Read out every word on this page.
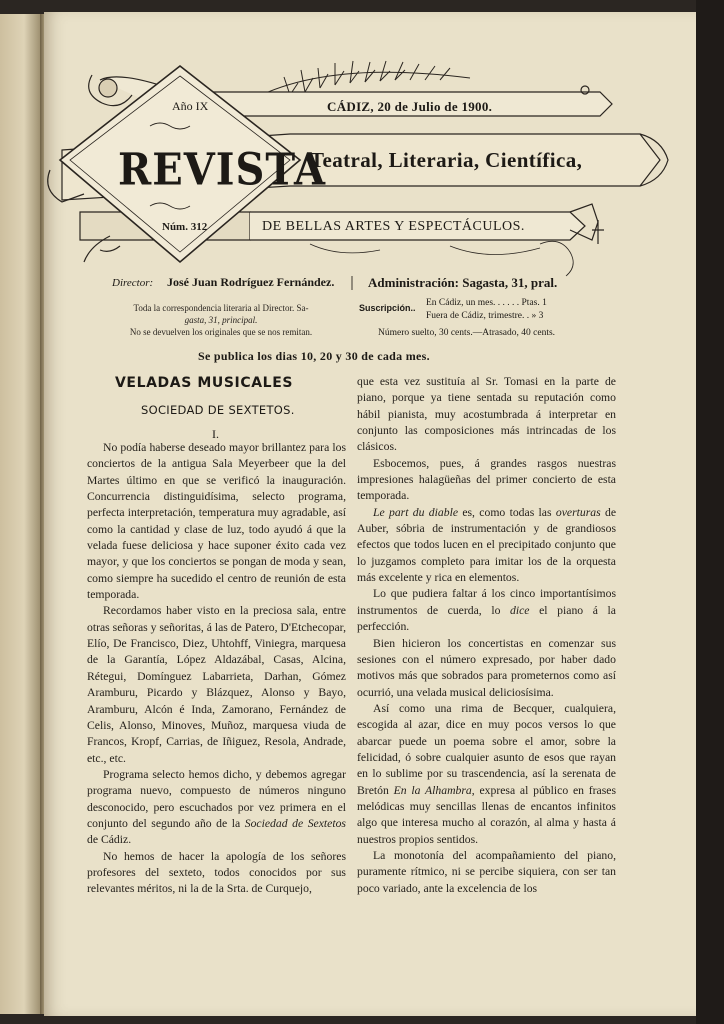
Año IX	CÁDIZ, 20 de Julio de 1900.
REVISTA
Teatral, Literaria, Científica,
Núm. 312	DE BELLAS ARTES Y ESPECTÁCULOS.
Director: José Juan Rodríguez Fernández.	Administración: Sagasta, 31, pral.
Toda la correspondencia literaria al Director. Sa-
gasta, 31, principal.
No se devuelven los originales que se nos remitan.
Suscripción.. En Cádiz, un mes. . . . . . Ptas. 1
Fuera de Cádiz, trimestre. . » 3
Número suelto, 30 cents.—Atrasado, 40 cents.
Se publica los dias 10, 20 y 30 de cada mes.
VELADAS MUSICALES
SOCIEDAD DE SEXTETOS.
I.

No podía haberse deseado mayor brillantez para los conciertos de la antigua Sala Meyerbeer que la del Martes último en que se verificó la inauguración. Concurrencia distinguidísima, selecto programa, perfecta interpretación, temperatura muy agradable, así como la cantidad y clase de luz, todo ayudó á que la velada fuese deliciosa y hace suponer éxito cada vez mayor, y que los conciertos se pongan de moda y sean, como siempre ha sucedido el centro de reunión de esta temporada.

Recordamos haber visto en la preciosa sala, entre otras señoras y señoritas, á las de Patero, D'Etchecopar, Elío, De Francisco, Diez, Uhtohff, Viniegra, marquesa de la Garantía, López Aldazábal, Casas, Alcina, Rétegui, Domínguez Labarrieta, Darhan, Gómez Aramburu, Picardo y Blázquez, Alonso y Bayo, Aramburu, Alcón é Inda, Zamorano, Fernández de Celis, Alonso, Minoves, Muñoz, marquesa viuda de Francos, Kropf, Carrias, de Iñiguez, Resola, Andrade, etc., etc.

Programa selecto hemos dicho, y debemos agregar programa nuevo, compuesto de números ninguno desconocido, pero escuchados por vez primera en el conjunto del segundo año de la Sociedad de Sextetos de Cádiz.

No hemos de hacer la apología de los señores profesores del sexteto, todos conocidos por sus relevantes méritos, ni la de la Srta. de Curquejo,

que esta vez sustituía al Sr. Tomasi en la parte de piano, porque ya tiene sentada su reputación como hábil pianista, muy acostumbrada á interpretar en conjunto las composiciones más intrincadas de los clásicos.

Esbocemos, pues, á grandes rasgos nuestras impresiones halagüeñas del primer concierto de esta temporada.

Le part du diable es, como todas las overturas de Auber, sóbria de instrumentación y de grandiosos efectos que todos lucen en el precipitado conjunto que lo juzgamos completo para imitar los de la orquesta más excelente y rica en elementos.

Lo que pudiera faltar á los cinco importantísimos instrumentos de cuerda, lo dice el piano á la perfección.

Bien hicieron los concertistas en comenzar sus sesiones con el número expresado, por haber dado motivos más que sobrados para prometernos como así ocurrió, una velada musical deliciosísima.

Así como una rima de Becquer, cualquiera, escogida al azar, dice en muy pocos versos lo que abarcar puede un poema sobre el amor, sobre la felicidad, ó sobre cualquier asunto de esos que rayan en lo sublime por su trascendencia, así la serenata de Bretón En la Alhambra, expresa al público en frases melódicas muy sencillas llenas de encantos infinitos algo que interesa mucho al corazón, al alma y hasta á nuestros propios sentidos.

La monotonía del acompañamiento del piano, puramente rítmico, ni se percibe siquiera, con ser tan poco variado, ante la excelencia de los
